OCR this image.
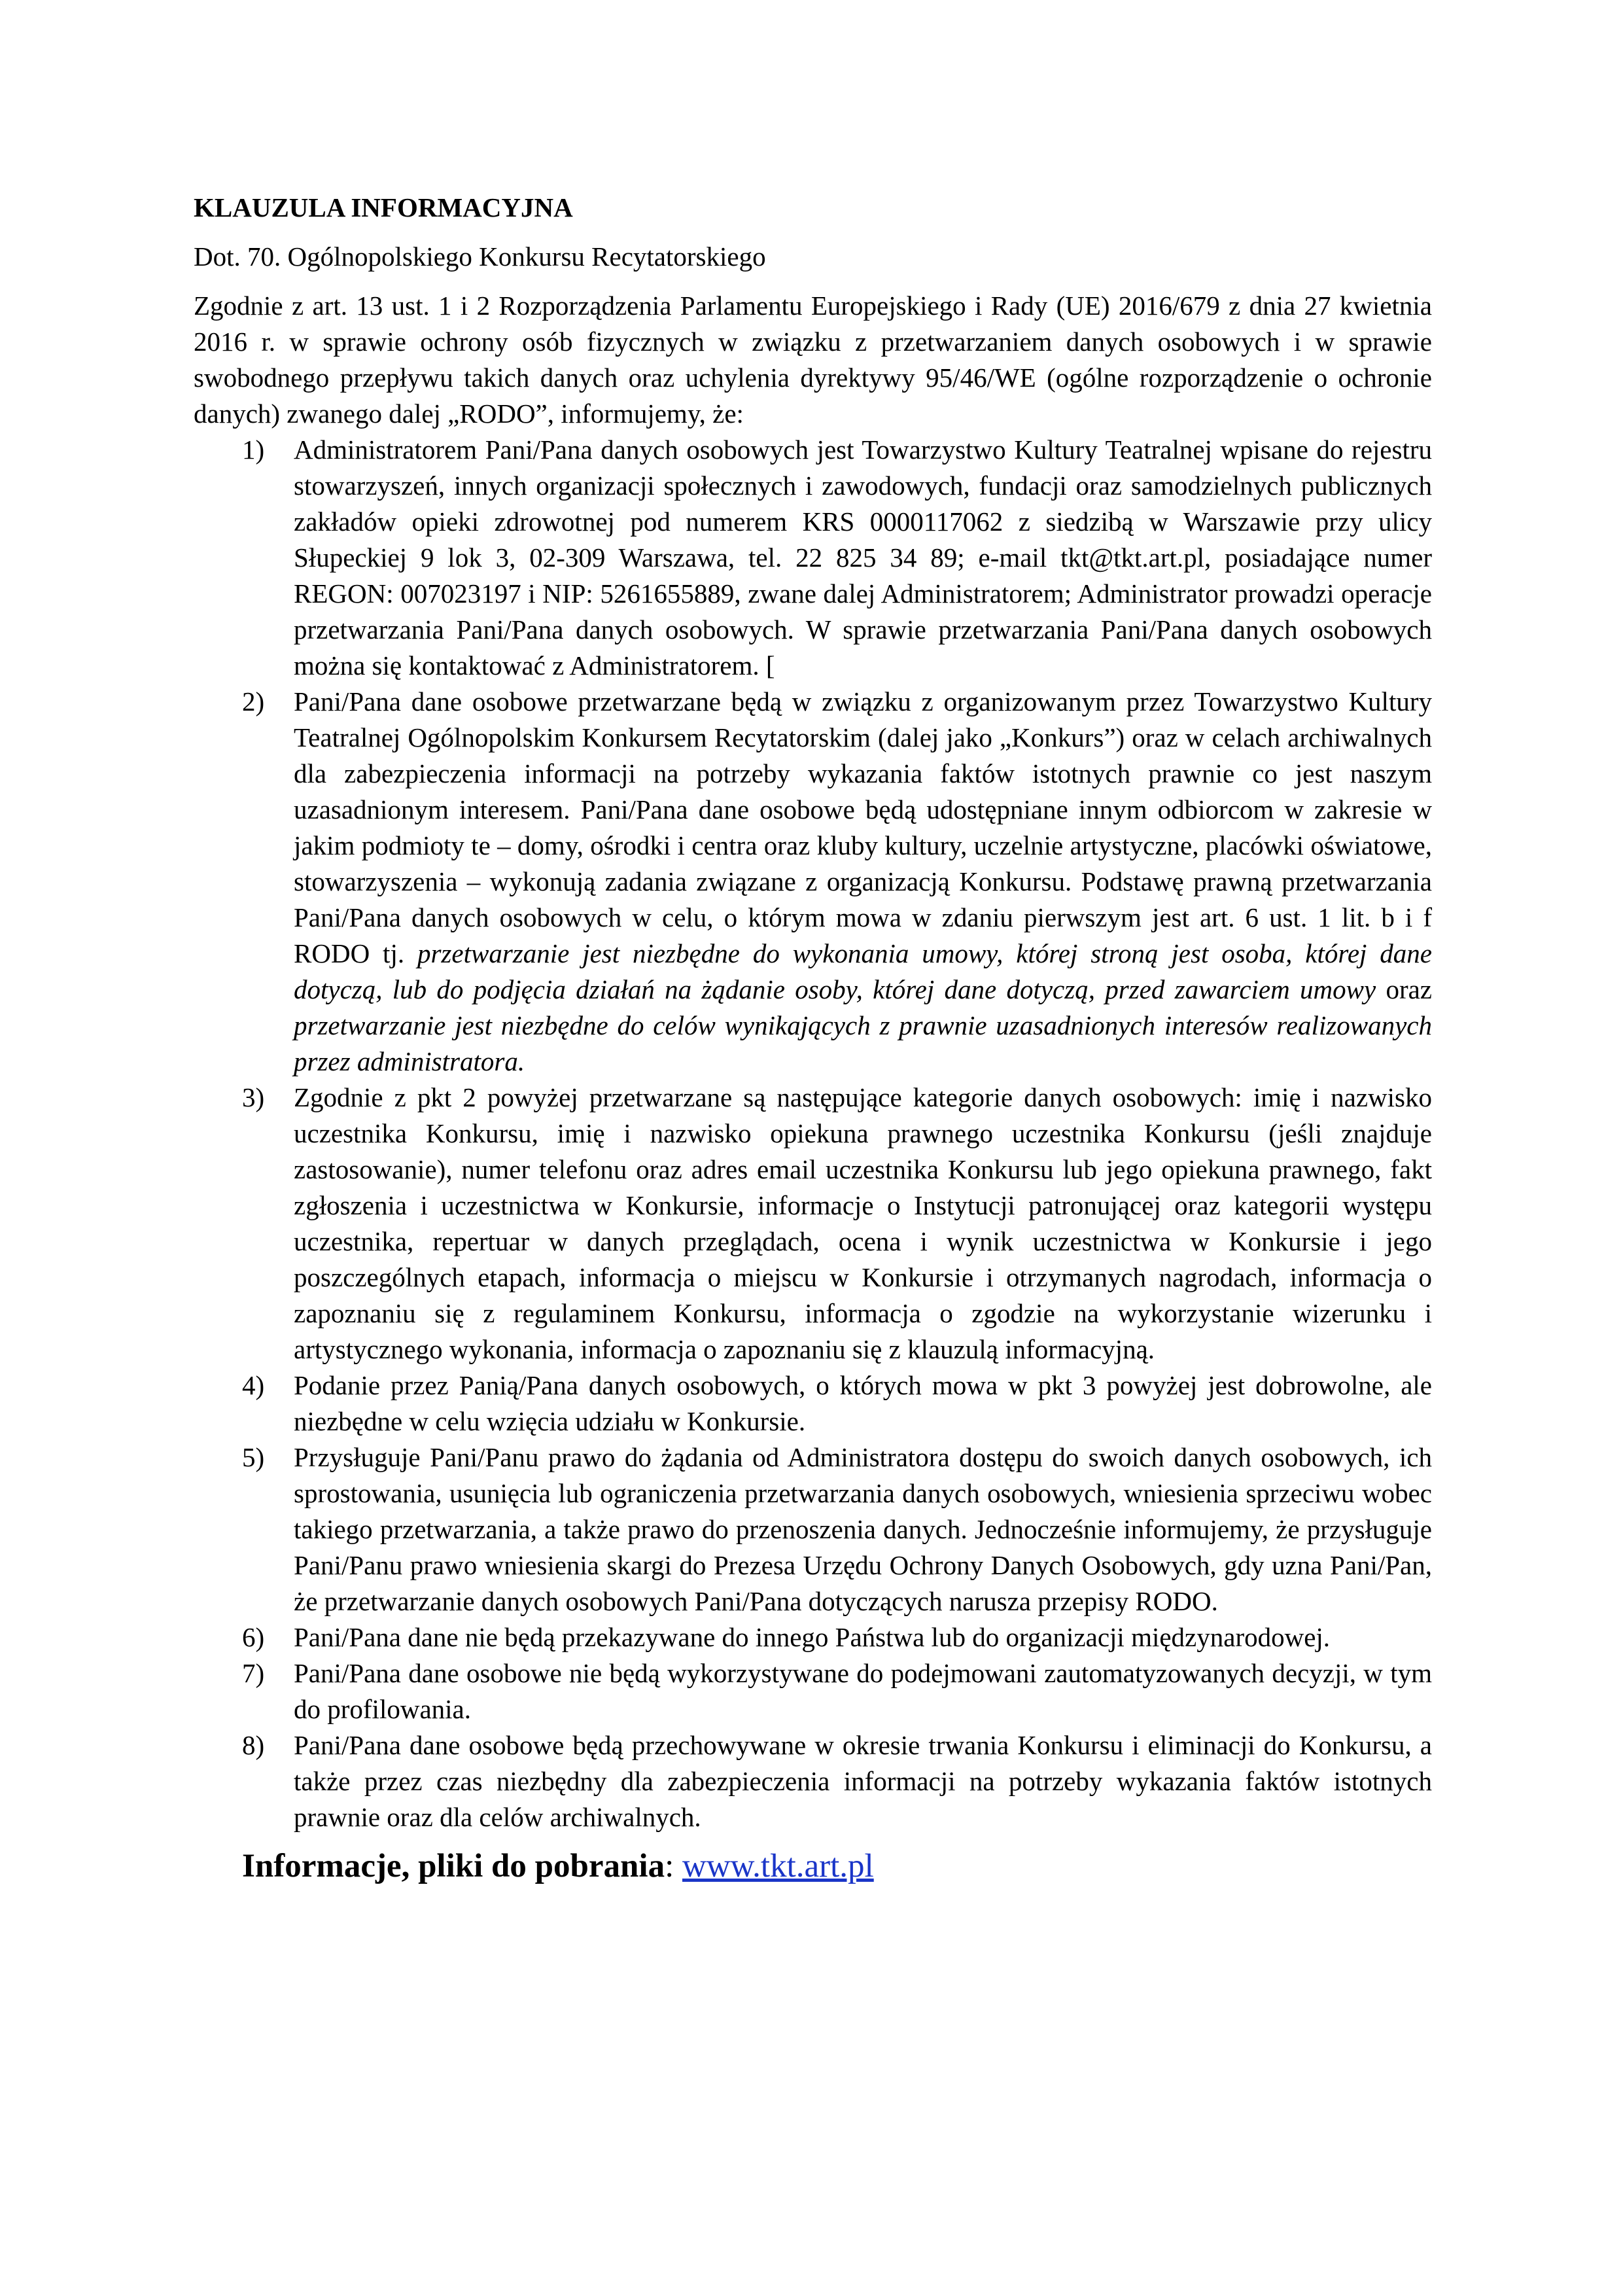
KLAUZULA INFORMACYJNA

Dot. 70. Ogólnopolskiego Konkursu Recytatorskiego

Zgodnie z art. 13 ust. 1 i 2 Rozporządzenia Parlamentu Europejskiego i Rady (UE) 2016/679 z dnia 27 kwietnia 2016 r. w sprawie ochrony osób fizycznych w związku z przetwarzaniem danych osobowych i w sprawie swobodnego przepływu takich danych oraz uchylenia dyrektywy 95/46/WE (ogólne rozporządzenie o ochronie danych) zwanego dalej „RODO”, informujemy, że:

1) Administratorem Pani/Pana danych osobowych jest Towarzystwo Kultury Teatralnej wpisane do rejestru stowarzyszeń, innych organizacji społecznych i zawodowych, fundacji oraz samodzielnych publicznych zakładów opieki zdrowotnej pod numerem KRS 0000117062 z siedzibą w Warszawie przy ulicy Słupeckiej 9 lok 3, 02-309 Warszawa, tel. 22 825 34 89; e-mail tkt@tkt.art.pl, posiadające numer REGON: 007023197 i NIP: 5261655889, zwane dalej Administratorem; Administrator prowadzi operacje przetwarzania Pani/Pana danych osobowych. W sprawie przetwarzania Pani/Pana danych osobowych można się kontaktować z Administratorem. [
2) Pani/Pana dane osobowe przetwarzane będą w związku z organizowanym przez Towarzystwo Kultury Teatralnej Ogólnopolskim Konkursem Recytatorskim (dalej jako „Konkurs”) oraz w celach archiwalnych dla zabezpieczenia informacji na potrzeby wykazania faktów istotnych prawnie co jest naszym uzasadnionym interesem. Pani/Pana dane osobowe będą udostępniane innym odbiorcom w zakresie w jakim podmioty te – domy, ośrodki i centra oraz kluby kultury, uczelnie artystyczne, placówki oświatowe, stowarzyszenia – wykonują zadania związane z organizacją Konkursu. Podstawę prawną przetwarzania Pani/Pana danych osobowych w celu, o którym mowa w zdaniu pierwszym jest art. 6 ust. 1 lit. b i f RODO tj. przetwarzanie jest niezbędne do wykonania umowy, której stroną jest osoba, której dane dotyczą, lub do podjęcia działań na żądanie osoby, której dane dotyczą, przed zawarciem umowy oraz przetwarzanie jest niezbędne do celów wynikających z prawnie uzasadnionych interesów realizowanych przez administratora.
3) Zgodnie z pkt 2 powyżej przetwarzane są następujące kategorie danych osobowych: imię i nazwisko uczestnika Konkursu, imię i nazwisko opiekuna prawnego uczestnika Konkursu (jeśli znajduje zastosowanie), numer telefonu oraz adres email uczestnika Konkursu lub jego opiekuna prawnego, fakt zgłoszenia i uczestnictwa w Konkursie, informacje o Instytucji patronującej oraz kategorii występu uczestnika, repertuar w danych przeglądach, ocena i wynik uczestnictwa w Konkursie i jego poszczególnych etapach, informacja o miejscu w Konkursie i otrzymanych nagrodach, informacja o zapoznaniu się z regulaminem Konkursu, informacja o zgodzie na wykorzystanie wizerunku i artystycznego wykonania, informacja o zapoznaniu się z klauzulą informacyjną.
4) Podanie przez Panią/Pana danych osobowych, o których mowa w pkt 3 powyżej jest dobrowolne, ale niezbędne w celu wzięcia udziału w Konkursie.
5) Przysługuje Pani/Panu prawo do żądania od Administratora dostępu do swoich danych osobowych, ich sprostowania, usunięcia lub ograniczenia przetwarzania danych osobowych, wniesienia sprzeciwu wobec takiego przetwarzania, a także prawo do przenoszenia danych. Jednocześnie informujemy, że przysługuje Pani/Panu prawo wniesienia skargi do Prezesa Urzędu Ochrony Danych Osobowych, gdy uzna Pani/Pan, że przetwarzanie danych osobowych Pani/Pana dotyczących narusza przepisy RODO.
6) Pani/Pana dane nie będą przekazywane do innego Państwa lub do organizacji międzynarodowej.
7) Pani/Pana dane osobowe nie będą wykorzystywane do podejmowani zautomatyzowanych decyzji, w tym do profilowania.
8) Pani/Pana dane osobowe będą przechowywane w okresie trwania Konkursu i eliminacji do Konkursu, a także przez czas niezbędny dla zabezpieczenia informacji na potrzeby wykazania faktów istotnych prawnie oraz dla celów archiwalnych.

Informacje, pliki do pobrania: www.tkt.art.pl
